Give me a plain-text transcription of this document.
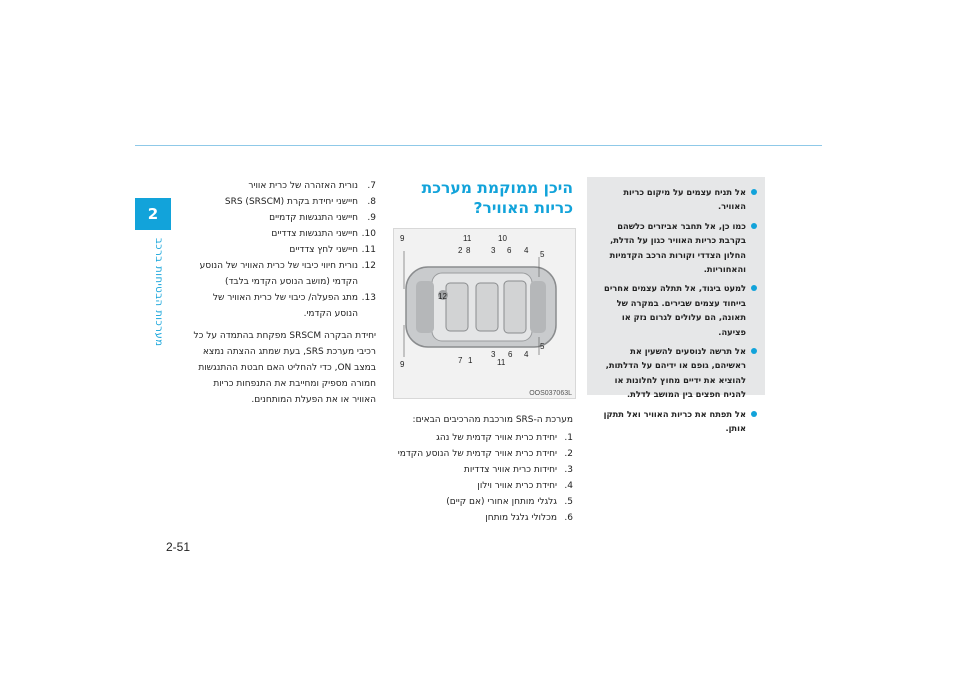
2
מערכות הבטיחות ברכב
אל תניח עצמים על מיקום כריות האוויר.
כמו כן, אל תחבר אביזרים כלשהם בקרבת כריות האוויר כגון על הדלת, החלון הצדדי וקורות הרכב הקדמיות והאחוריות.
למעט ביגוד, אל תתלה עצמים אחרים בייחוד עצמים שבירים. במקרה של תאונה, הם עלולים לגרום נזק או פציעה.
אל תרשה לנוסעים להשעין את ראשיהם, גופם או ידיהם על הדלתות, להוציא את ידיים מחוץ לחלונות או להניח חפצים בין המושב לדלת.
אל תפתח את כריות האוויר ואל תתקן אותן.
היכן ממוקמת מערכת כריות האוויר?
9
2 8
11
3 6 4 5
12
10
9	7 1
3
11
6 4
5
OOS037063L
מערכת ה-SRS מורכבת מהרכיבים הבאים:
1.
יחידת כרית אוויר קדמית של נהג
2.
יחידת כרית אוויר קדמית של הנוסע הקדמי
3.
יחידות כרית אוויר צדדיות
4.
יחידת כרית אוויר וילון
5.
גלגלי מותחן אחורי (אם קיים)
6.
מכלולי גלגל מותחן
7.
נורית האזהרה של כרית אוויר
8.
חיישני יחידת בקרת SRS (SRSCM)
9.
חיישני התנגשות קדמיים
10.
חיישני התנגשות צדדיים
11.
חיישני לחץ צדדיים
12.
נורית חיווי כיבוי של כרית האוויר של הנוסע הקדמי (מושב הנוסע הקדמי בלבד)
13.
מתג הפעלה/ כיבוי של כרית האוויר של הנוסע הקדמי.

יחידת הבקרה SRSCM מפקחת בהתמדה על כל רכיבי מערכת SRS, בעת שמתג ההצתה נמצא במצב ON, כדי להחליט האם חבטת ההתנגשות חמורה מספיק ומחייבת את התנפחות כריות האוויר או את הפעלת המותחנים.

2-51
